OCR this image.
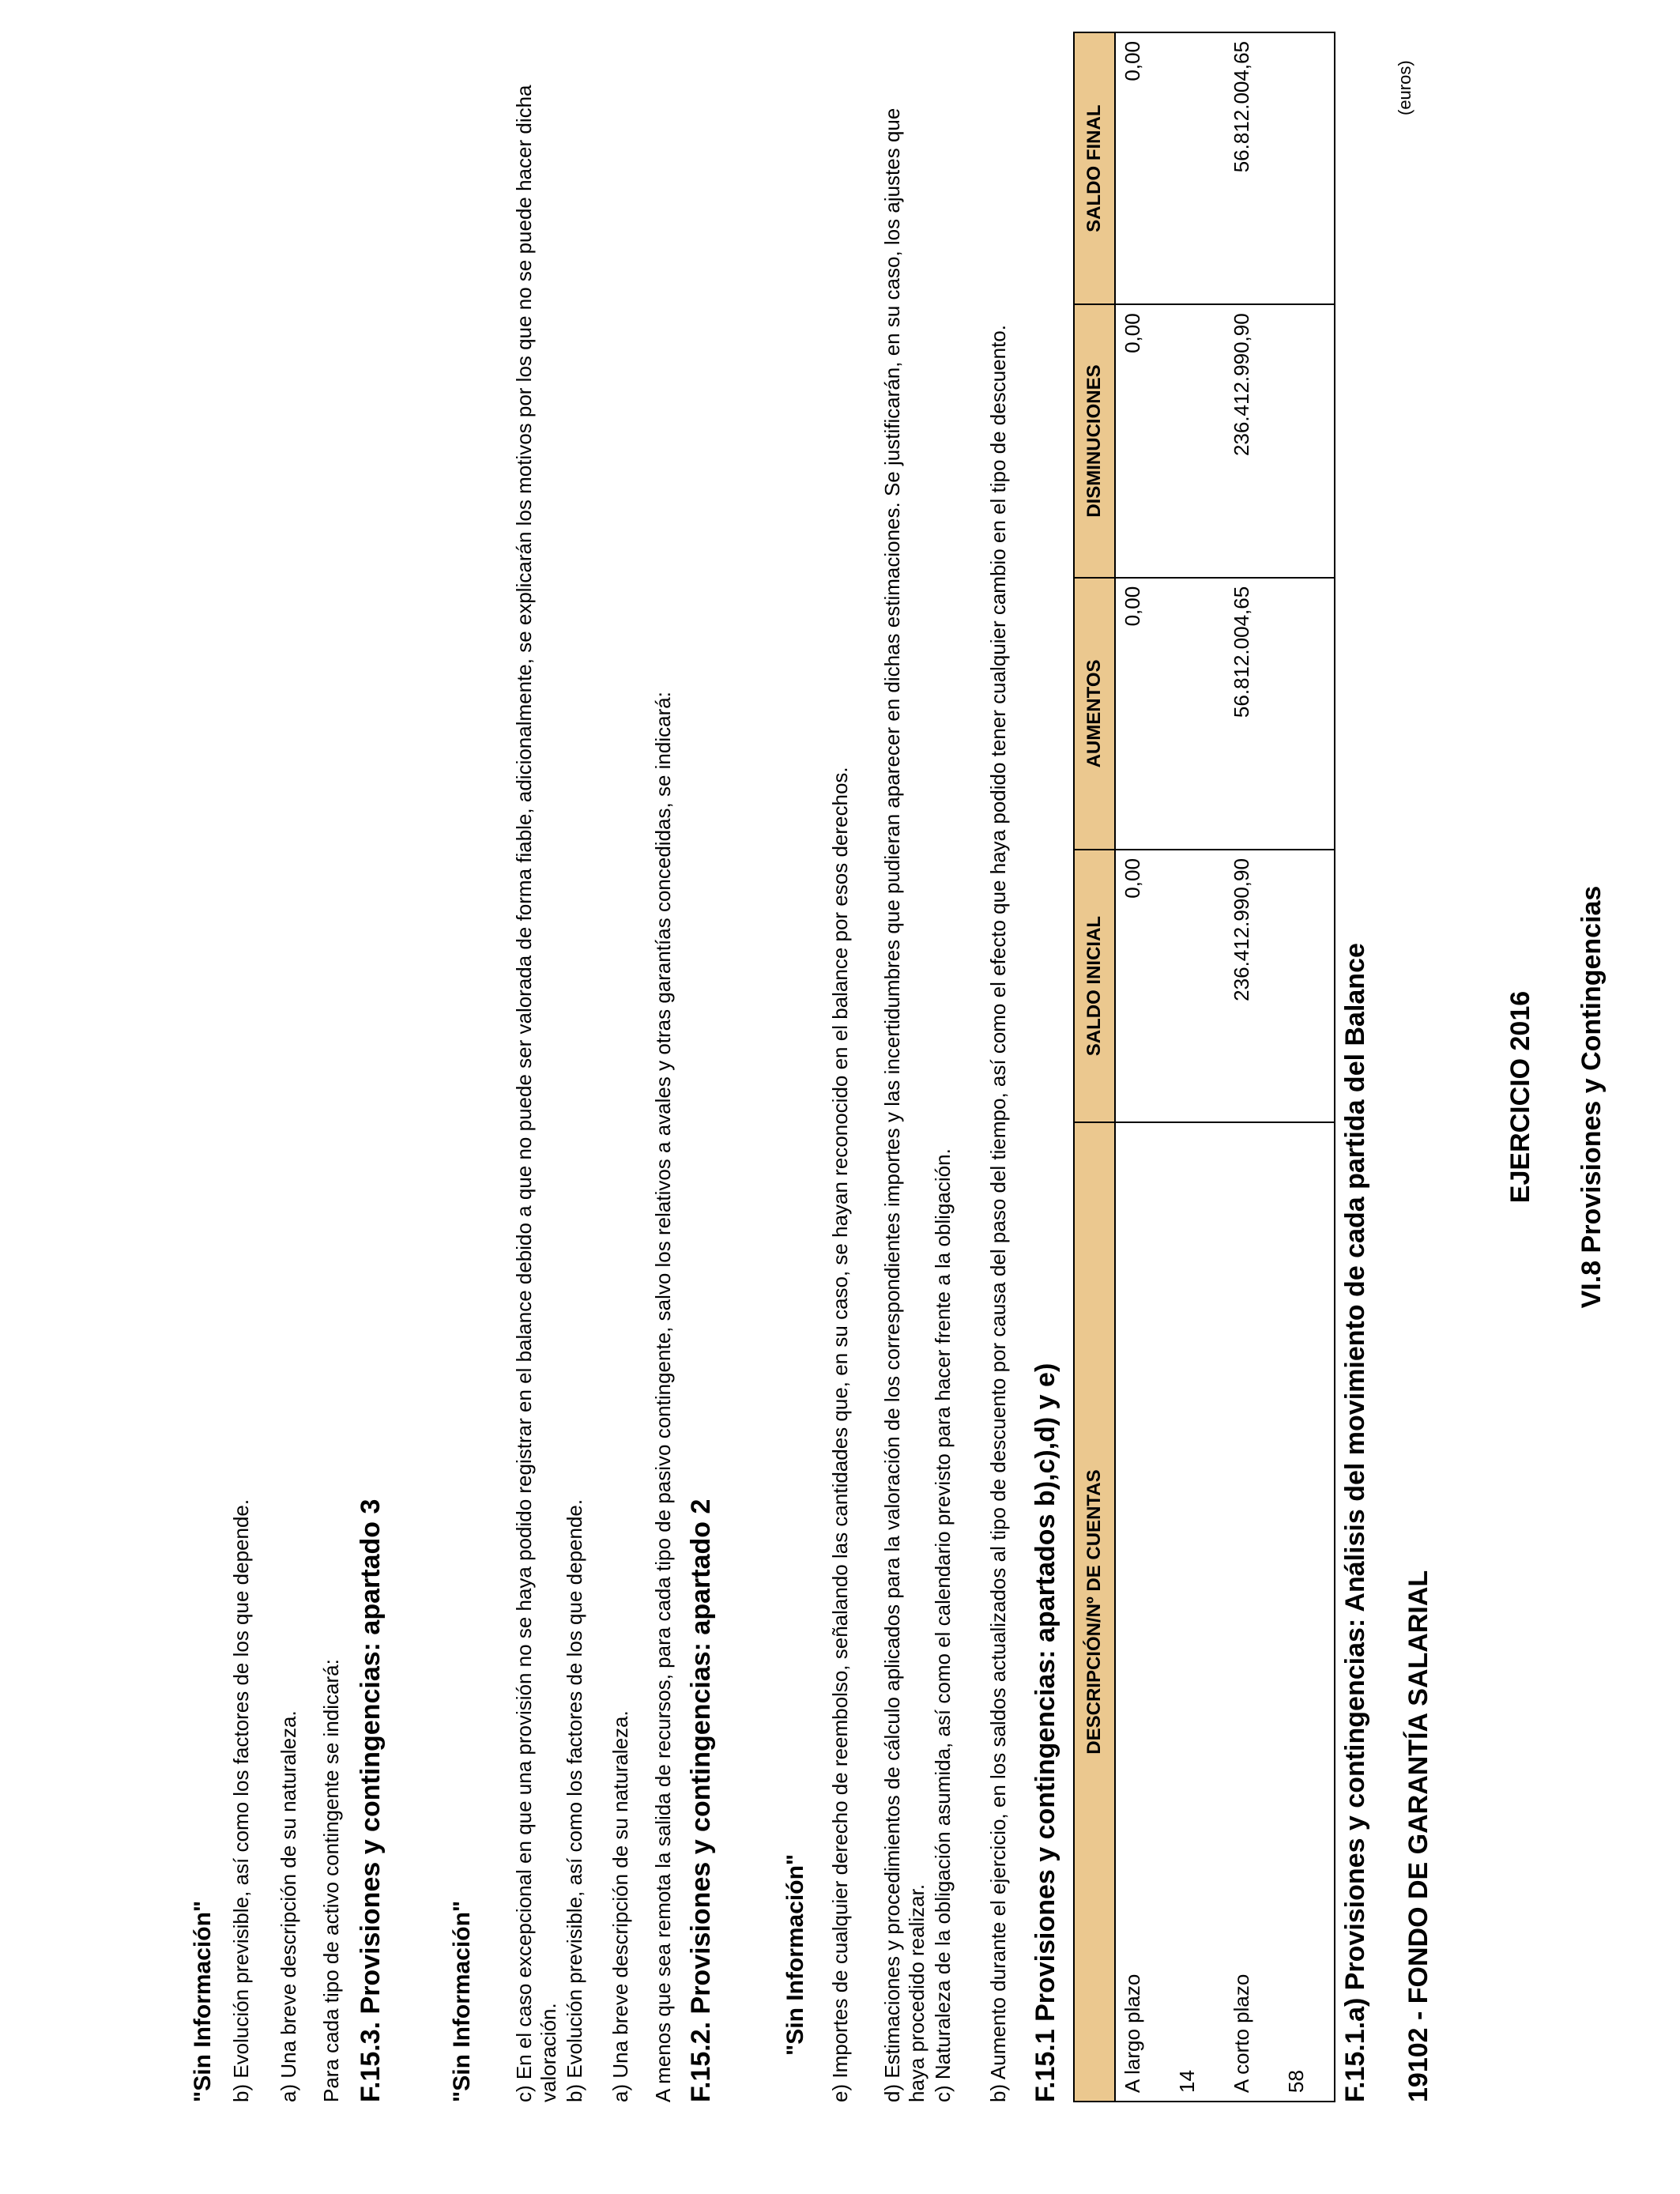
VI.8 Provisiones y Contingencias
EJERCICIO 2016
(euros)
19102 - FONDO DE GARANTÍA SALARIAL
F.15.1.a) Provisiones y contingencias: Análisis del movimiento de cada partida del Balance
DESCRIPCIÓN/Nº DE CUENTAS	SALDO INICIAL	AUMENTOS	DISMINUCIONES	SALDO FINAL
A largo plazo	0,00	0,00	0,00	0,00
14				
A corto plazo	236.412.990,90	56.812.004,65	236.412.990,90	56.812.004,65
58				
F.15.1 Provisiones y contingencias: apartados b),c),d) y e)
b) Aumento durante el ejercicio, en los saldos actualizados al tipo de descuento por causa del paso del tiempo, así como el efecto que haya podido tener cualquier cambio en el tipo de descuento.
c) Naturaleza de la obligación asumida, así como el calendario previsto para hacer frente a la obligación.
d) Estimaciones y procedimientos de cálculo aplicados para la valoración de los correspondientes importes y las incertidumbres que pudieran aparecer en dichas estimaciones. Se justificarán, en su caso, los ajustes que haya procedido realizar.
e) Importes de cualquier derecho de reembolso, señalando las cantidades que, en su caso, se hayan reconocido en el balance por esos derechos.
"Sin Información"
F.15.2. Provisiones y contingencias: apartado 2
A menos que sea remota la salida de recursos, para cada tipo de pasivo contingente, salvo los relativos a avales y otras garantías concedidas, se indicará:
a) Una breve descripción de su naturaleza.
b) Evolución previsible, así como los factores de los que depende.
c) En el caso excepcional en que una provisión no se haya podido registrar en el balance debido a que no puede ser valorada de forma fiable, adicionalmente, se explicarán los motivos por los que no se puede hacer dicha valoración.
"Sin Información"
F.15.3. Provisiones y contingencias: apartado 3
Para cada tipo de activo contingente se indicará:
a) Una breve descripción de su naturaleza.
b) Evolución previsible, así como los factores de los que depende.
"Sin Información"
